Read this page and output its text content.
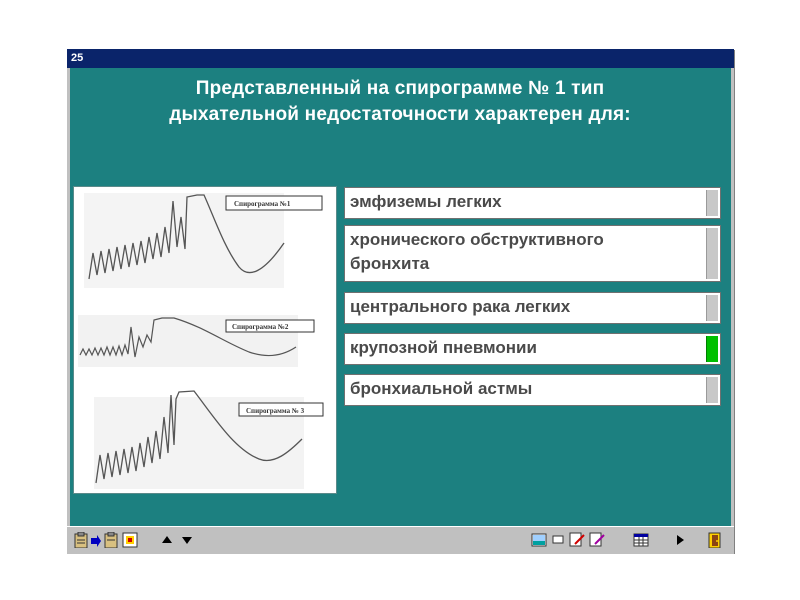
25
Представленный на спирограмме № 1 тип
дыхательной недостаточности характерен для:
Спирограмма №1
Спирограмма №2
Спирограмма № 3
эмфиземы легких
хронического обструктивного
бронхита
центрального рака легких
крупозной пневмонии
бронхиальной астмы
